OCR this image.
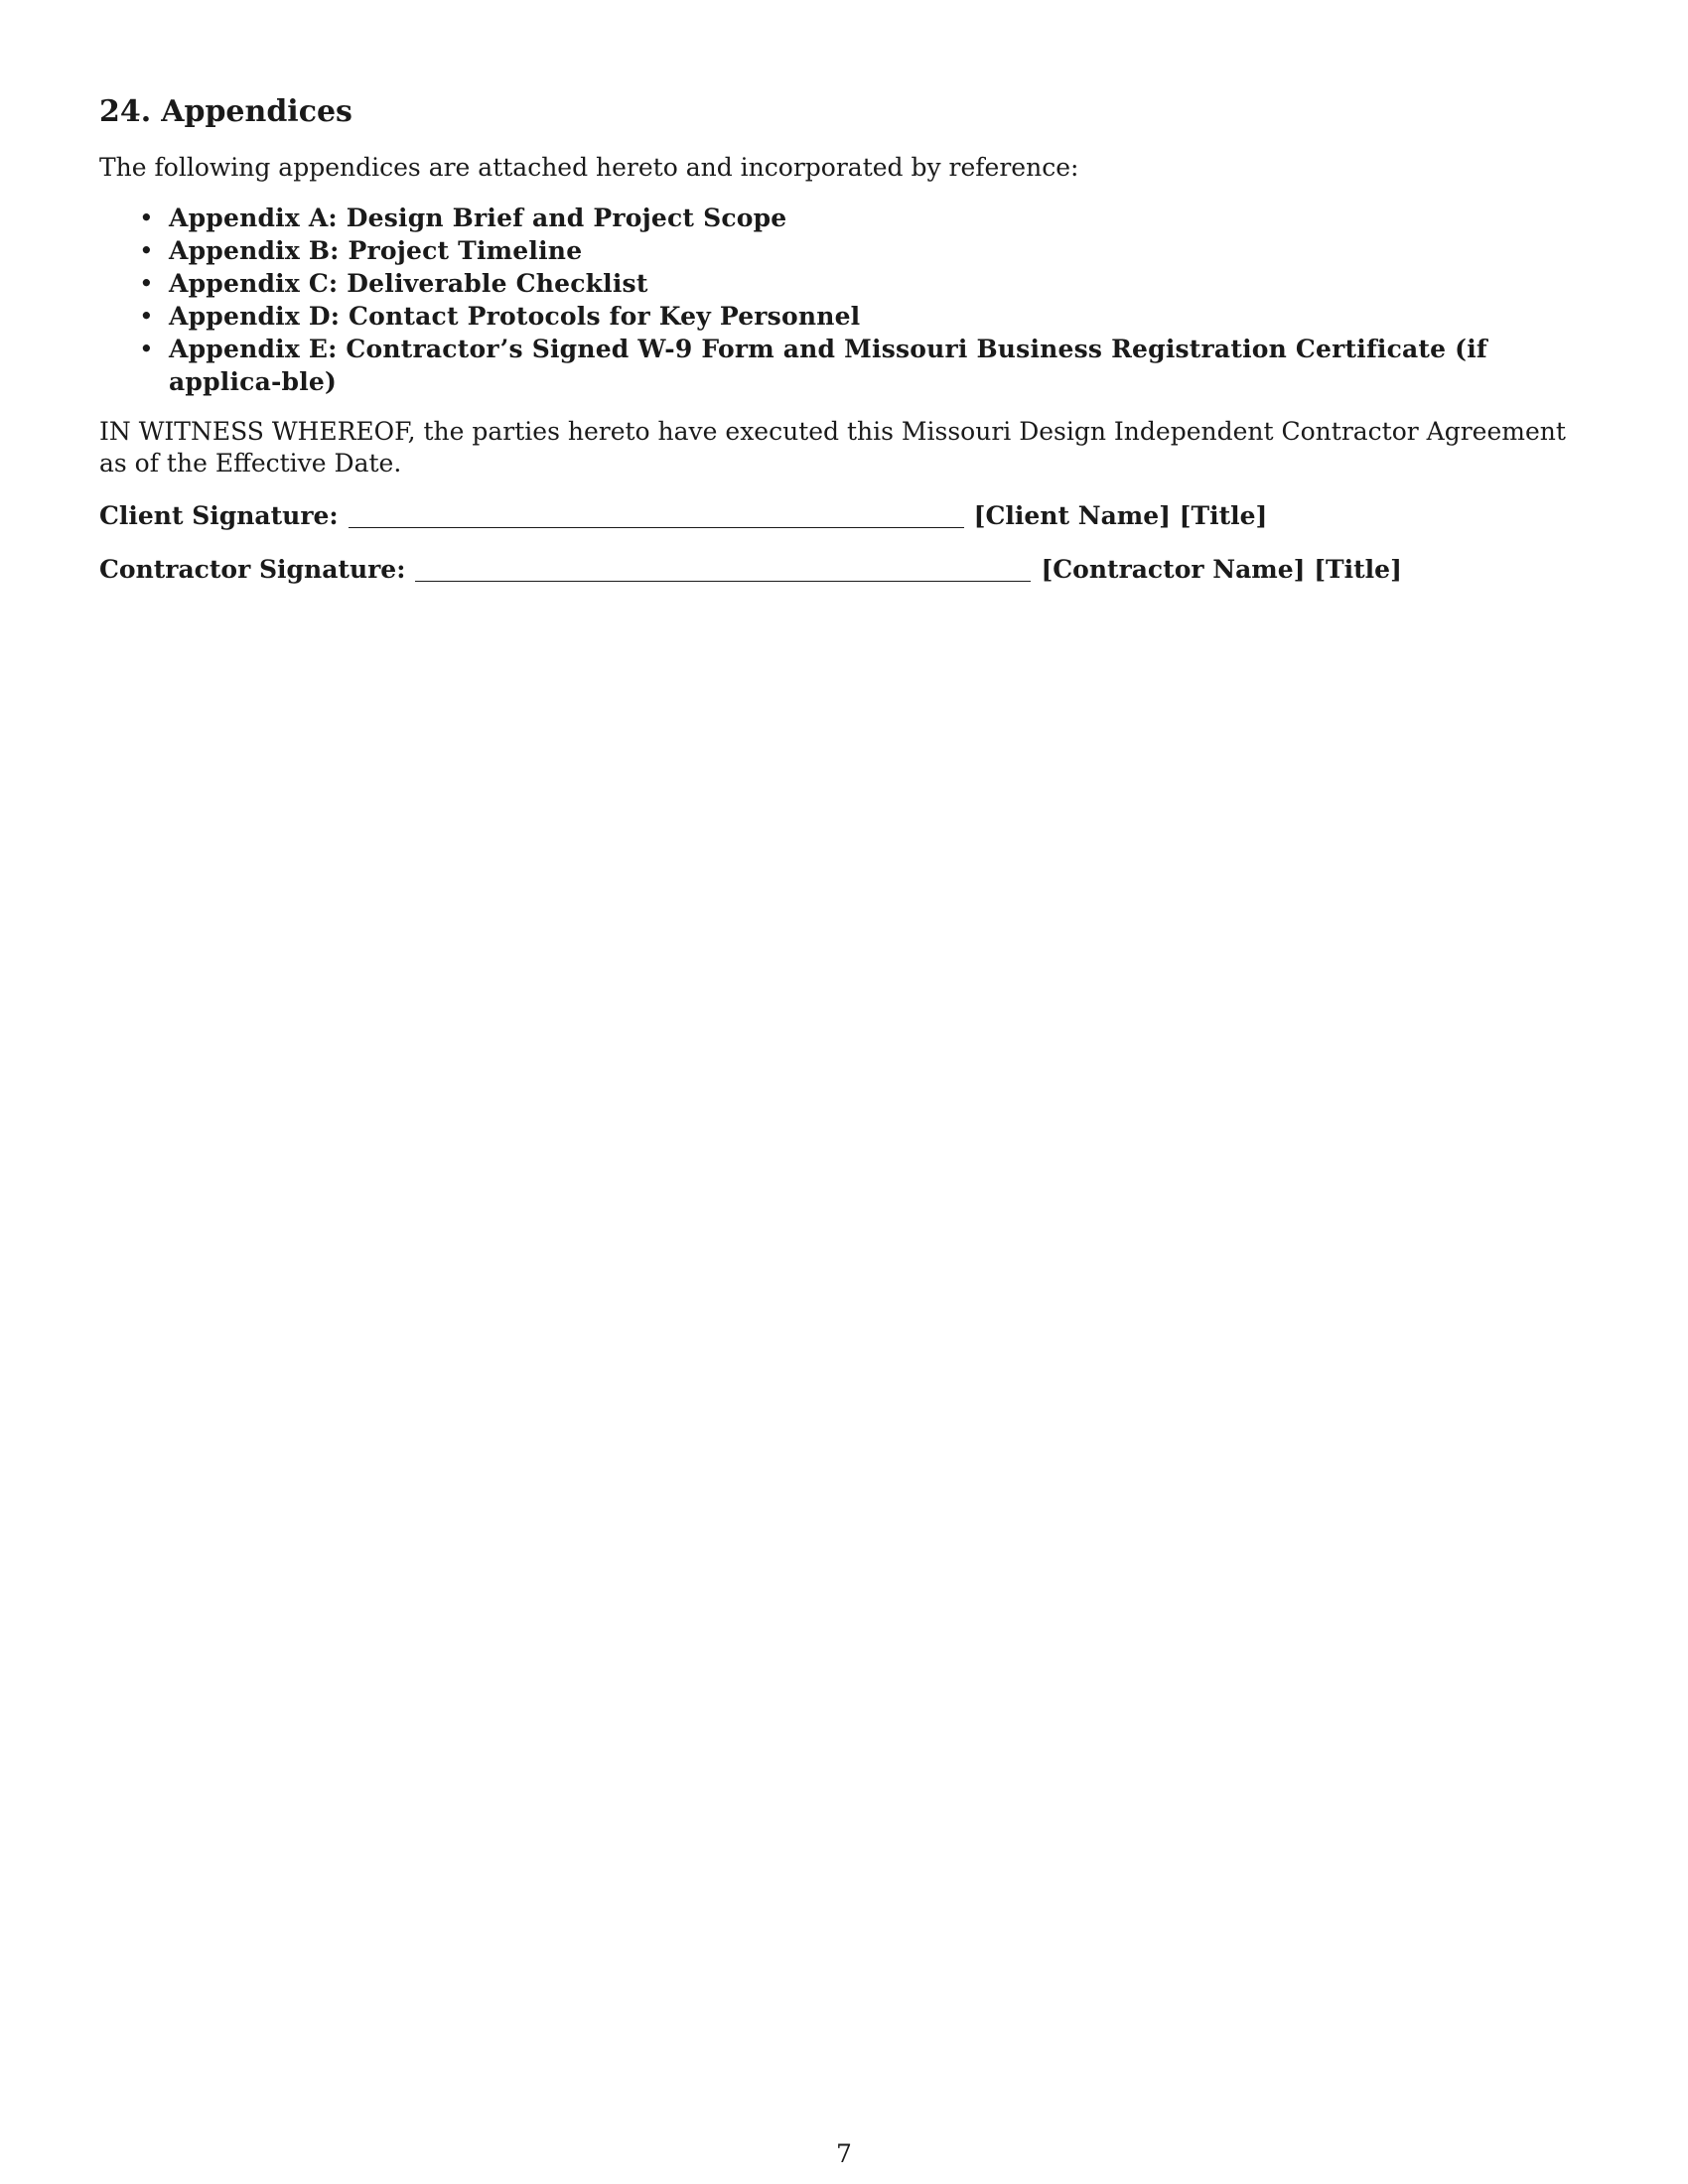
24. Appendices

The following appendices are attached hereto and incorporated by reference:

• Appendix A: Design Brief and Project Scope
• Appendix B: Project Timeline
• Appendix C: Deliverable Checklist
• Appendix D: Contact Protocols for Key Personnel
• Appendix E: Contractor’s Signed W-9 Form and Missouri Business Registration Certificate (if applica-ble)

IN WITNESS WHEREOF, the parties hereto have executed this Missouri Design Independent Contractor Agreement as of the Effective Date.

Client Signature:	[Client Name] [Title]
Contractor Signature:	[Contractor Name] [Title]
7
